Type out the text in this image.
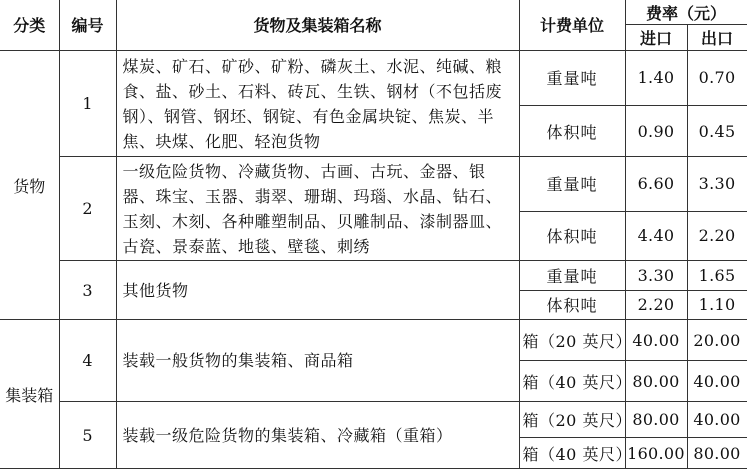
分类	编号	货物及集装箱名称	计费单位	费率（元）	
				进口	出口
货物	1	煤炭、矿石、矿砂、矿粉、磷灰土、水泥、纯碱、粮食、盐、砂土、石料、砖瓦、生铁、钢材（不包括废钢）、钢管、钢坯、钢锭、有色金属块锭、焦炭、半焦、块煤、化肥、轻泡货物	重量吨	1.40	0.70
			体积吨	0.90	0.45
	2	一级危险货物、冷藏货物、古画、古玩、金器、银器、珠宝、玉器、翡翠、珊瑚、玛瑙、水晶、钻石、玉刻、木刻、各种雕塑制品、贝雕制品、漆制器皿、古瓷、景泰蓝、地毯、壁毯、刺绣	重量吨	6.60	3.30
			体积吨	4.40	2.20
	3	其他货物	重量吨	3.30	1.65
			体积吨	2.20	1.10
集装箱	4	装载一般货物的集装箱、商品箱	箱（20 英尺）	40.00	20.00
			箱（40 英尺）	80.00	40.00
	5	装载一级危险货物的集装箱、冷藏箱（重箱）	箱（20 英尺）	80.00	40.00
			箱（40 英尺）	160.00	80.00
